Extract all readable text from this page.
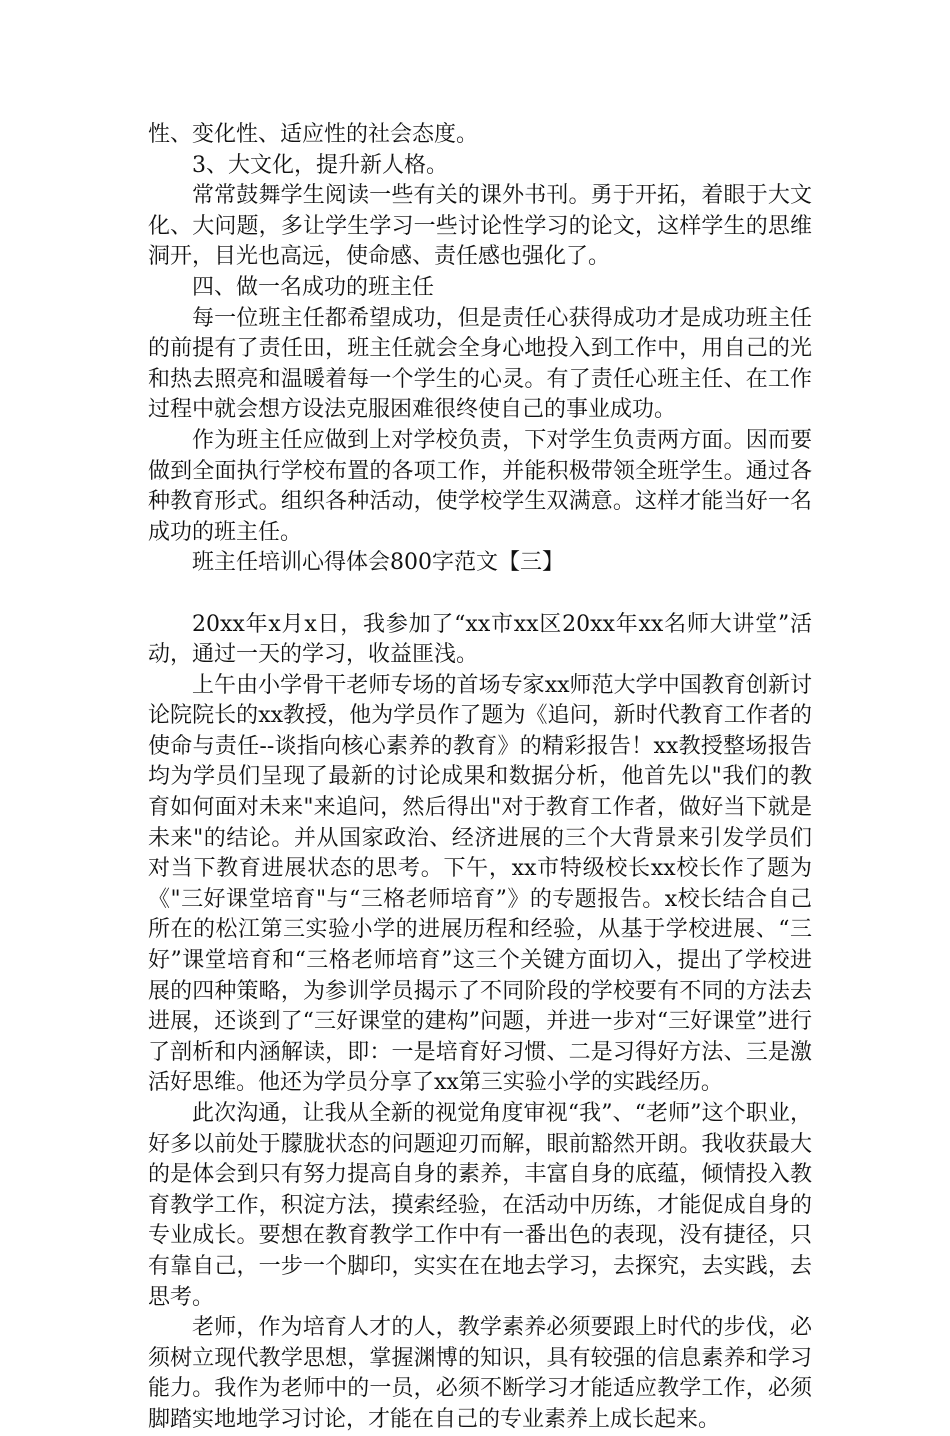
性、变化性、适应性的社会态度。

3、大文化，提升新人格。

常常鼓舞学生阅读一些有关的课外书刊。勇于开拓，着眼于大文化、大问题，多让学生学习一些讨论性学习的论文，这样学生的思维洞开，目光也高远，使命感、责任感也强化了。

四、做一名成功的班主任

每一位班主任都希望成功，但是责任心获得成功才是成功班主任的前提有了责任田，班主任就会全身心地投入到工作中，用自己的光和热去照亮和温暖着每一个学生的心灵。有了责任心班主任、在工作过程中就会想方设法克服困难很终使自己的事业成功。

作为班主任应做到上对学校负责，下对学生负责两方面。因而要做到全面执行学校布置的各项工作，并能积极带领全班学生。通过各种教育形式。组织各种活动，使学校学生双满意。这样才能当好一名成功的班主任。

班主任培训心得体会800字范文【三】

20xx年x月x日，我参加了“xx市xx区20xx年xx名师大讲堂”活动，通过一天的学习，收益匪浅。

上午由小学骨干老师专场的首场专家xx师范大学中国教育创新讨论院院长的xx教授，他为学员作了题为《追问，新时代教育工作者的使命与责任--谈指向核心素养的教育》的精彩报告！xx教授整场报告均为学员们呈现了最新的讨论成果和数据分析，他首先以"我们的教育如何面对未来"来追问，然后得出"对于教育工作者，做好当下就是未来"的结论。并从国家政治、经济进展的三个大背景来引发学员们对当下教育进展状态的思考。下午，xx市特级校长xx校长作了题为《"三好课堂培育"与“三格老师培育”》的专题报告。x校长结合自己所在的松江第三实验小学的进展历程和经验，从基于学校进展、“三好”课堂培育和“三格老师培育”这三个关键方面切入，提出了学校进展的四种策略，为参训学员揭示了不同阶段的学校要有不同的方法去进展，还谈到了“三好课堂的建构”问题，并进一步对“三好课堂”进行了剖析和内涵解读，即：一是培育好习惯、二是习得好方法、三是激活好思维。他还为学员分享了xx第三实验小学的实践经历。

此次沟通，让我从全新的视觉角度审视“我”、“老师”这个职业，好多以前处于朦胧状态的问题迎刃而解，眼前豁然开朗。我收获最大的是体会到只有努力提高自身的素养，丰富自身的底蕴，倾情投入教育教学工作，积淀方法，摸索经验，在活动中历练，才能促成自身的专业成长。要想在教育教学工作中有一番出色的表现，没有捷径，只有靠自己，一步一个脚印，实实在在地去学习，去探究，去实践，去思考。

老师，作为培育人才的人，教学素养必须要跟上时代的步伐，必须树立现代教学思想，掌握渊博的知识，具有较强的信息素养和学习能力。我作为老师中的一员，必须不断学习才能适应教学工作，必须脚踏实地地学习讨论，才能在自己的专业素养上成长起来。
